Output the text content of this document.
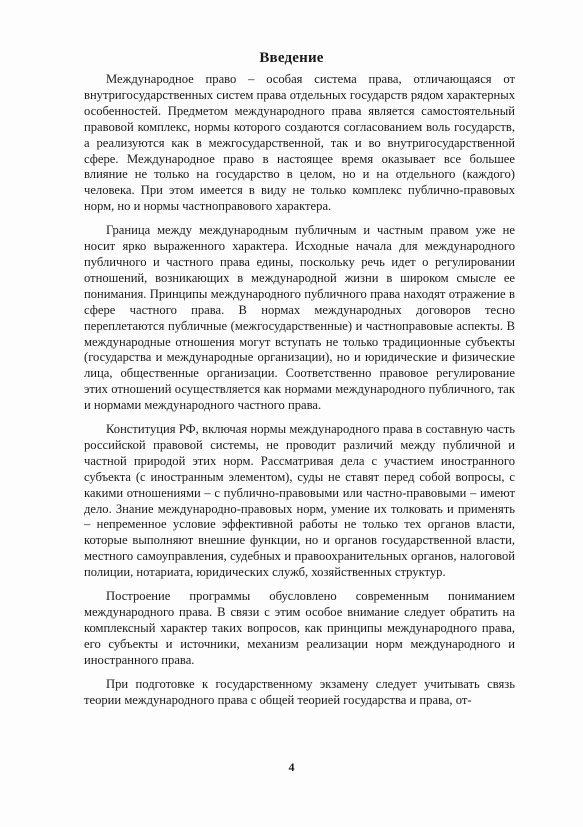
Введение

Международное право – особая система права, отличающаяся от внутригосударственных систем права отдельных государств рядом характерных особенностей. Предметом международного права является самостоятельный правовой комплекс, нормы которого создаются согласованием воль государств, а реализуются как в межгосударственной, так и во внутригосударственной сфере. Международное право в настоящее время оказывает все большее влияние не только на государство в целом, но и на отдельного (каждого) человека. При этом имеется в виду не только комплекс публично-правовых норм, но и нормы частноправового характера.

Граница между международным публичным и частным правом уже не носит ярко выраженного характера. Исходные начала для международного публичного и частного права едины, поскольку речь идет о регулировании отношений, возникающих в международной жизни в широком смысле ее понимания. Принципы международного публичного права находят отражение в сфере частного права. В нормах международных договоров тесно переплетаются публичные (межгосударственные) и частноправовые аспекты. В международные отношения могут вступать не только традиционные субъекты (государства и международные организации), но и юридические и физические лица, общественные организации. Соответственно правовое регулирование этих отношений осуществляется как нормами международного публичного, так и нормами международного частного права.

Конституция РФ, включая нормы международного права в составную часть российской правовой системы, не проводит различий между публичной и частной природой этих норм. Рассматривая дела с участием иностранного субъекта (с иностранным элементом), суды не ставят перед собой вопросы, с какими отношениями – с публично-правовыми или частно-правовыми – имеют дело. Знание международно-правовых норм, умение их толковать и применять – непременное условие эффективной работы не только тех органов власти, которые выполняют внешние функции, но и органов государственной власти, местного самоуправления, судебных и правоохранительных органов, налоговой полиции, нотариата, юридических служб, хозяйственных структур.

Построение программы обусловлено современным пониманием международного права. В связи с этим особое внимание следует обратить на комплексный характер таких вопросов, как принципы международного права, его субъекты и источники, механизм реализации норм международного и иностранного права.

При подготовке к государственному экзамену следует учитывать связь теории международного права с общей теорией государства и права, от-

4
